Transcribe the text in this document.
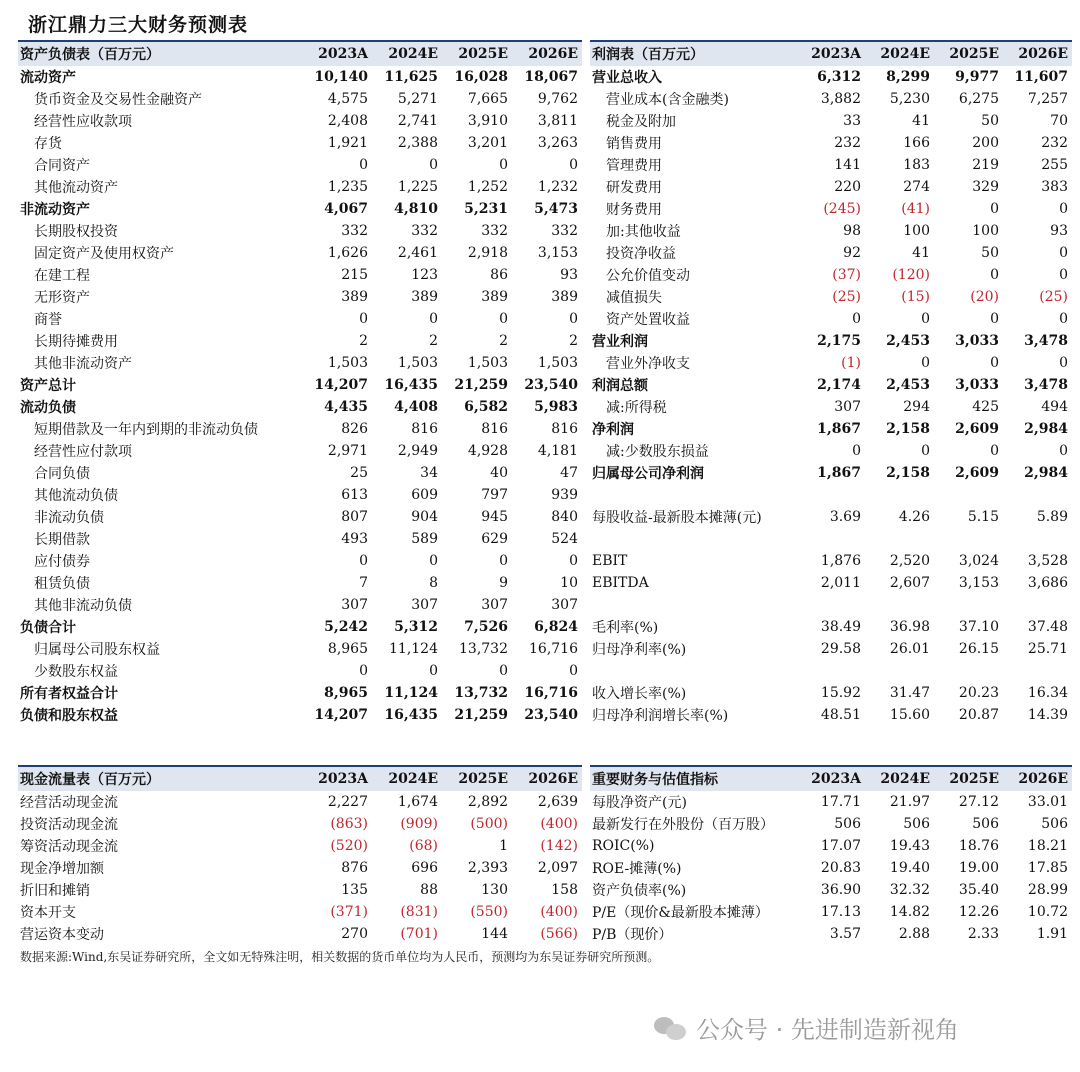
浙江鼎力三大财务预测表
资产负债表（百万元）	2023A	2024E	2025E	2026E
流动资产	10,140	11,625	16,028	18,067
货币资金及交易性金融资产	4,575	5,271	7,665	9,762
经营性应收款项	2,408	2,741	3,910	3,811
存货	1,921	2,388	3,201	3,263
合同资产	0	0	0	0
其他流动资产	1,235	1,225	1,252	1,232
非流动资产	4,067	4,810	5,231	5,473
长期股权投资	332	332	332	332
固定资产及使用权资产	1,626	2,461	2,918	3,153
在建工程	215	123	86	93
无形资产	389	389	389	389
商誉	0	0	0	0
长期待摊费用	2	2	2	2
其他非流动资产	1,503	1,503	1,503	1,503
资产总计	14,207	16,435	21,259	23,540
流动负债	4,435	4,408	6,582	5,983
短期借款及一年内到期的非流动负债	826	816	816	816
经营性应付款项	2,971	2,949	4,928	4,181
合同负债	25	34	40	47
其他流动负债	613	609	797	939
非流动负债	807	904	945	840
长期借款	493	589	629	524
应付债券	0	0	0	0
租赁负债	7	8	9	10
其他非流动负债	307	307	307	307
负债合计	5,242	5,312	7,526	6,824
归属母公司股东权益	8,965	11,124	13,732	16,716
少数股东权益	0	0	0	0
所有者权益合计	8,965	11,124	13,732	16,716
负债和股东权益	14,207	16,435	21,259	23,540
利润表（百万元）	2023A	2024E	2025E	2026E
营业总收入	6,312	8,299	9,977	11,607
营业成本(含金融类)	3,882	5,230	6,275	7,257
税金及附加	33	41	50	70
销售费用	232	166	200	232
管理费用	141	183	219	255
研发费用	220	274	329	383
财务费用	(245)	(41)	0	0
加:其他收益	98	100	100	93
投资净收益	92	41	50	0
公允价值变动	(37)	(120)	0	0
减值损失	(25)	(15)	(20)	(25)
资产处置收益	0	0	0	0
营业利润	2,175	2,453	3,033	3,478
营业外净收支	(1)	0	0	0
利润总额	2,174	2,453	3,033	3,478
减:所得税	307	294	425	494
净利润	1,867	2,158	2,609	2,984
减:少数股东损益	0	0	0	0
归属母公司净利润	1,867	2,158	2,609	2,984

每股收益-最新股本摊薄(元)	3.69	4.26	5.15	5.89

EBIT	1,876	2,520	3,024	3,528
EBITDA	2,011	2,607	3,153	3,686

毛利率(%)	38.49	36.98	37.10	37.48
归母净利率(%)	29.58	26.01	26.15	25.71

收入增长率(%)	15.92	31.47	20.23	16.34
归母净利润增长率(%)	48.51	15.60	20.87	14.39
现金流量表（百万元）	2023A	2024E	2025E	2026E
经营活动现金流	2,227	1,674	2,892	2,639
投资活动现金流	(863)	(909)	(500)	(400)
筹资活动现金流	(520)	(68)	1	(142)
现金净增加额	876	696	2,393	2,097
折旧和摊销	135	88	130	158
资本开支	(371)	(831)	(550)	(400)
营运资本变动	270	(701)	144	(566)
重要财务与估值指标	2023A	2024E	2025E	2026E
每股净资产(元)	17.71	21.97	27.12	33.01
最新发行在外股份（百万股）	506	506	506	506
ROIC(%)	17.07	19.43	18.76	18.21
ROE-摊薄(%)	20.83	19.40	19.00	17.85
资产负债率(%)	36.90	32.32	35.40	28.99
P/E（现价&最新股本摊薄）	17.13	14.82	12.26	10.72
P/B（现价）	3.57	2.88	2.33	1.91
数据来源:Wind,东吴证券研究所，全文如无特殊注明，相关数据的货币单位均为人民币，预测均为东吴证券研究所预测。
公众号 · 先进制造新视角
